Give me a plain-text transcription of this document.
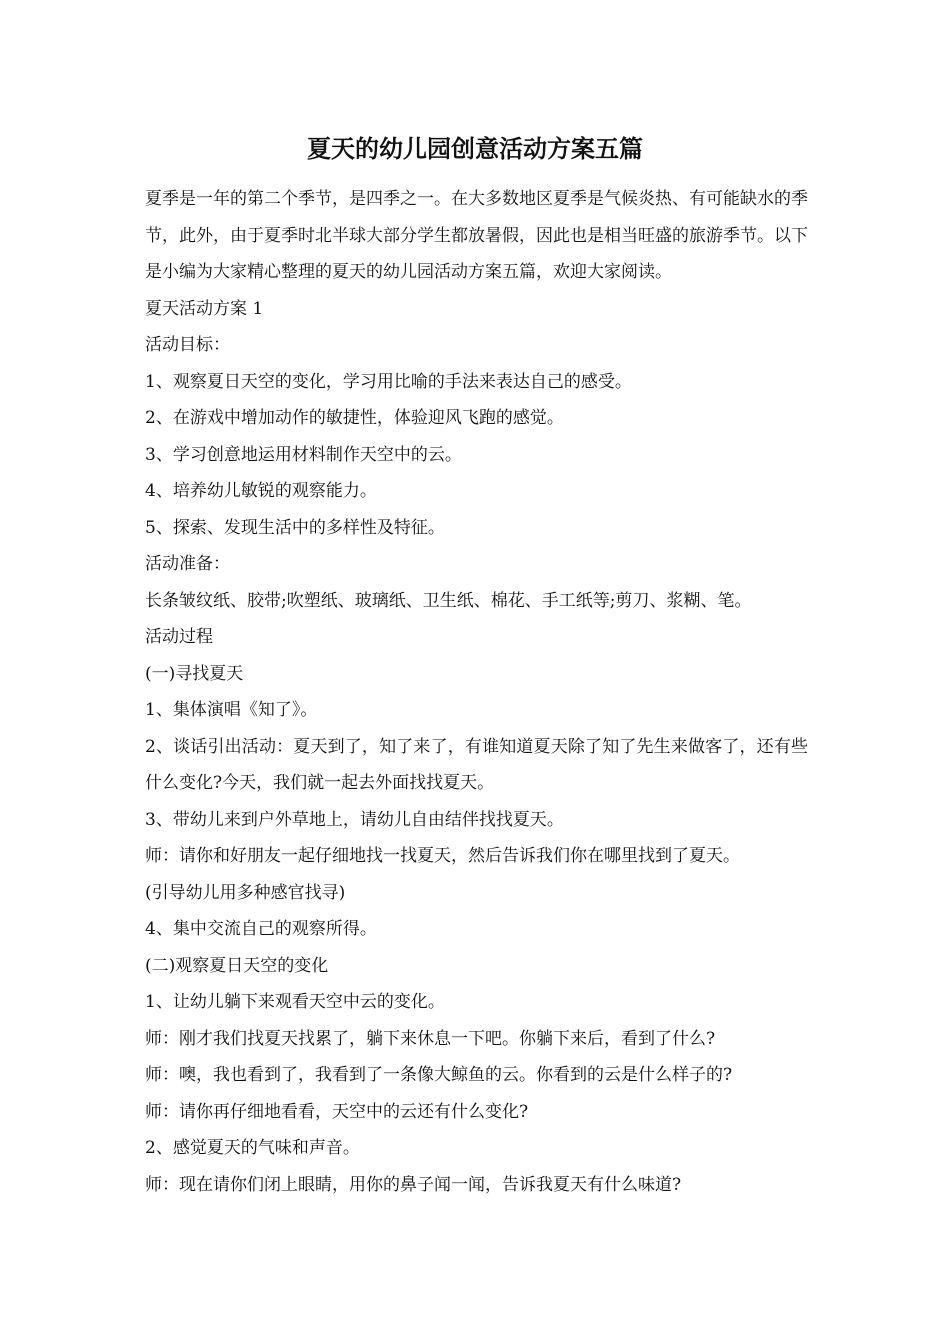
夏天的幼儿园创意活动方案五篇

夏季是一年的第二个季节，是四季之一。在大多数地区夏季是气候炎热、有可能缺水的季节，此外，由于夏季时北半球大部分学生都放暑假，因此也是相当旺盛的旅游季节。以下是小编为大家精心整理的夏天的幼儿园活动方案五篇，欢迎大家阅读。

夏天活动方案 1

活动目标：

1、观察夏日天空的变化，学习用比喻的手法来表达自己的感受。

2、在游戏中增加动作的敏捷性，体验迎风飞跑的感觉。

3、学习创意地运用材料制作天空中的云。

4、培养幼儿敏锐的观察能力。

5、探索、发现生活中的多样性及特征。

活动准备：

长条皱纹纸、胶带;吹塑纸、玻璃纸、卫生纸、棉花、手工纸等;剪刀、浆糊、笔。

活动过程

(一)寻找夏天

1、集体演唱《知了》。

2、谈话引出活动：夏天到了，知了来了，有谁知道夏天除了知了先生来做客了，还有些什么变化?今天，我们就一起去外面找找夏天。

3、带幼儿来到户外草地上，请幼儿自由结伴找找夏天。

师：请你和好朋友一起仔细地找一找夏天，然后告诉我们你在哪里找到了夏天。

(引导幼儿用多种感官找寻)

4、集中交流自己的观察所得。

(二)观察夏日天空的变化

1、让幼儿躺下来观看天空中云的变化。

师：刚才我们找夏天找累了，躺下来休息一下吧。你躺下来后，看到了什么?

师：噢，我也看到了，我看到了一条像大鲸鱼的云。你看到的云是什么样子的?

师：请你再仔细地看看，天空中的云还有什么变化?

2、感觉夏天的气味和声音。

师：现在请你们闭上眼睛，用你的鼻子闻一闻，告诉我夏天有什么味道?
